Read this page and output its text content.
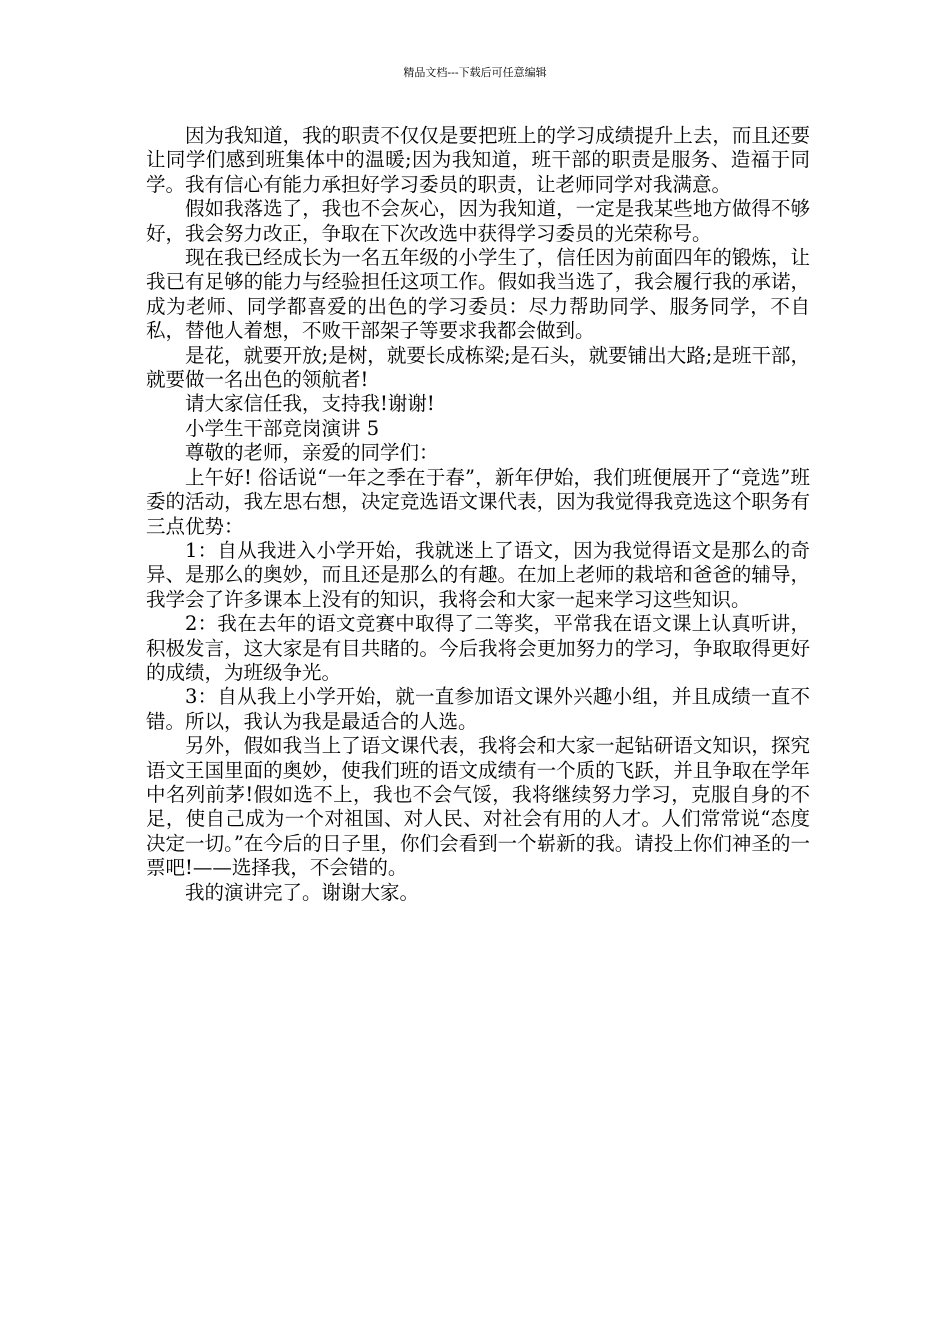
精品文档---下载后可任意编辑

因为我知道，我的职责不仅仅是要把班上的学习成绩提升上去，而且还要让同学们感到班集体中的温暖;因为我知道，班干部的职责是服务、造福于同学。我有信心有能力承担好学习委员的职责，让老师同学对我满意。

假如我落选了，我也不会灰心，因为我知道，一定是我某些地方做得不够好，我会努力改正，争取在下次改选中获得学习委员的光荣称号。

现在我已经成长为一名五年级的小学生了，信任因为前面四年的锻炼，让我已有足够的能力与经验担任这项工作。假如我当选了，我会履行我的承诺，成为老师、同学都喜爱的出色的学习委员：尽力帮助同学、服务同学，不自私，替他人着想，不败干部架子等要求我都会做到。

是花，就要开放;是树，就要长成栋梁;是石头，就要铺出大路;是班干部，就要做一名出色的领航者!

请大家信任我，支持我!谢谢!

小学生干部竞岗演讲 5

尊敬的老师，亲爱的同学们：

上午好! 俗话说“一年之季在于春”，新年伊始，我们班便展开了“竞选”班委的活动，我左思右想，决定竞选语文课代表，因为我觉得我竞选这个职务有三点优势：

1：自从我进入小学开始，我就迷上了语文，因为我觉得语文是那么的奇异、是那么的奥妙，而且还是那么的有趣。在加上老师的栽培和爸爸的辅导，我学会了许多课本上没有的知识，我将会和大家一起来学习这些知识。

2：我在去年的语文竞赛中取得了二等奖，平常我在语文课上认真听讲，积极发言，这大家是有目共睹的。今后我将会更加努力的学习，争取取得更好的成绩，为班级争光。

3：自从我上小学开始，就一直参加语文课外兴趣小组，并且成绩一直不错。所以，我认为我是最适合的人选。

另外，假如我当上了语文课代表，我将会和大家一起钻研语文知识，探究语文王国里面的奥妙，使我们班的语文成绩有一个质的飞跃，并且争取在学年中名列前茅!假如选不上，我也不会气馁，我将继续努力学习，克服自身的不足，使自己成为一个对祖国、对人民、对社会有用的人才。人们常常说“态度决定一切。”在今后的日子里，你们会看到一个崭新的我。请投上你们神圣的一票吧!——选择我，不会错的。

我的演讲完了。谢谢大家。
